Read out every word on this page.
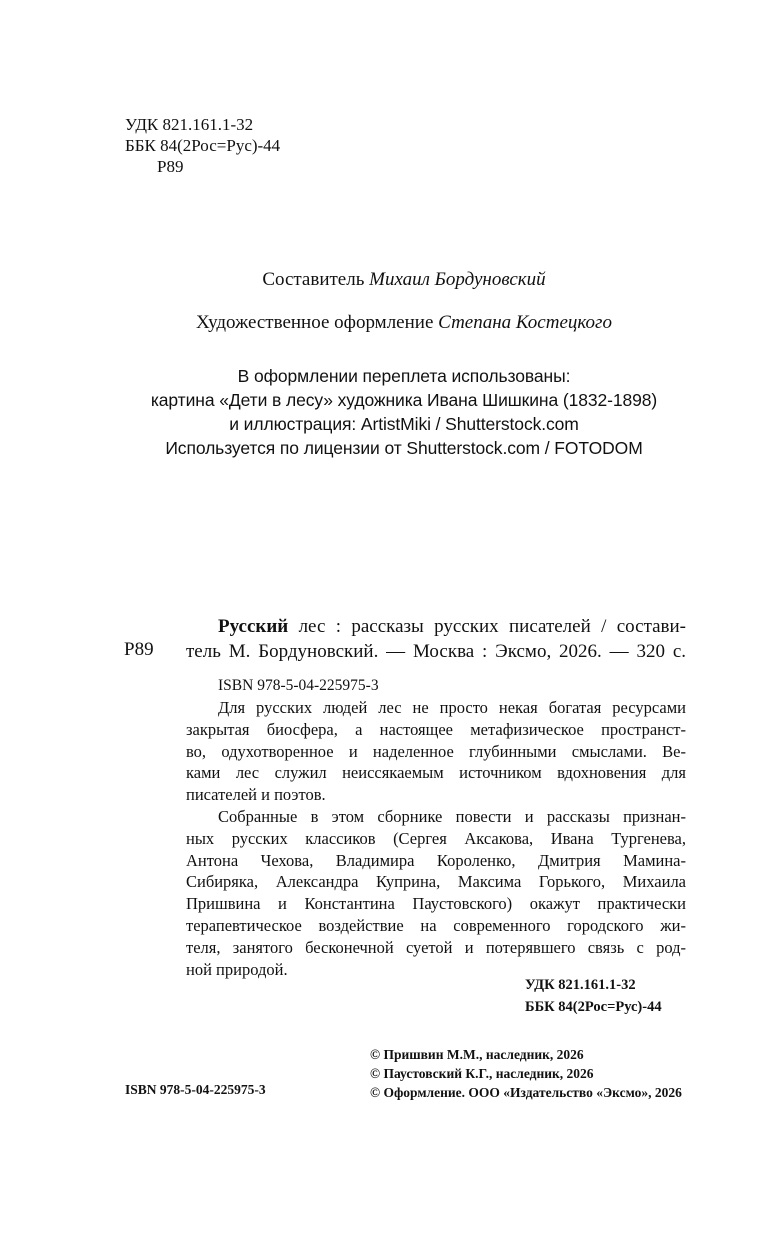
УДК 821.161.1-32
ББК 84(2Рос=Рус)-44
Р89
Составитель Михаил Бордуновский
Художественное оформление Степана Костецкого
В оформлении переплета использованы:
картина «Дети в лесу» художника Ивана Шишкина (1832-1898)
и иллюстрация: ArtistMiki / Shutterstock.com
Используется по лицензии от Shutterstock.com / FOTODOM
Р89
Русский лес : рассказы русских писателей / состави-
тель М. Бордуновский. — Москва : Эксмо, 2026. — 320 с.
ISBN 978-5-04-225975-3
Для русских людей лес не просто некая богатая ресурсами
закрытая биосфера, а настоящее метафизическое пространст-
во, одухотворенное и наделенное глубинными смыслами. Ве-
ками лес служил неиссякаемым источником вдохновения для
писателей и поэтов.
Собранные в этом сборнике повести и рассказы признан-
ных русских классиков (Сергея Аксакова, Ивана Тургенева,
Антона Чехова, Владимира Короленко, Дмитрия Мамина-
Сибиряка, Александра Куприна, Максима Горького, Михаила
Пришвина и Константина Паустовского) окажут практически
терапевтическое воздействие на современного городского жи-
теля, занятого бесконечной суетой и потерявшего связь с род-
ной природой.
УДК 821.161.1-32
ББК 84(2Рос=Рус)-44
© Пришвин М.М., наследник, 2026
© Паустовский К.Г., наследник, 2026
© Оформление. ООО «Издательство «Эксмо», 2026
ISBN 978-5-04-225975-3
